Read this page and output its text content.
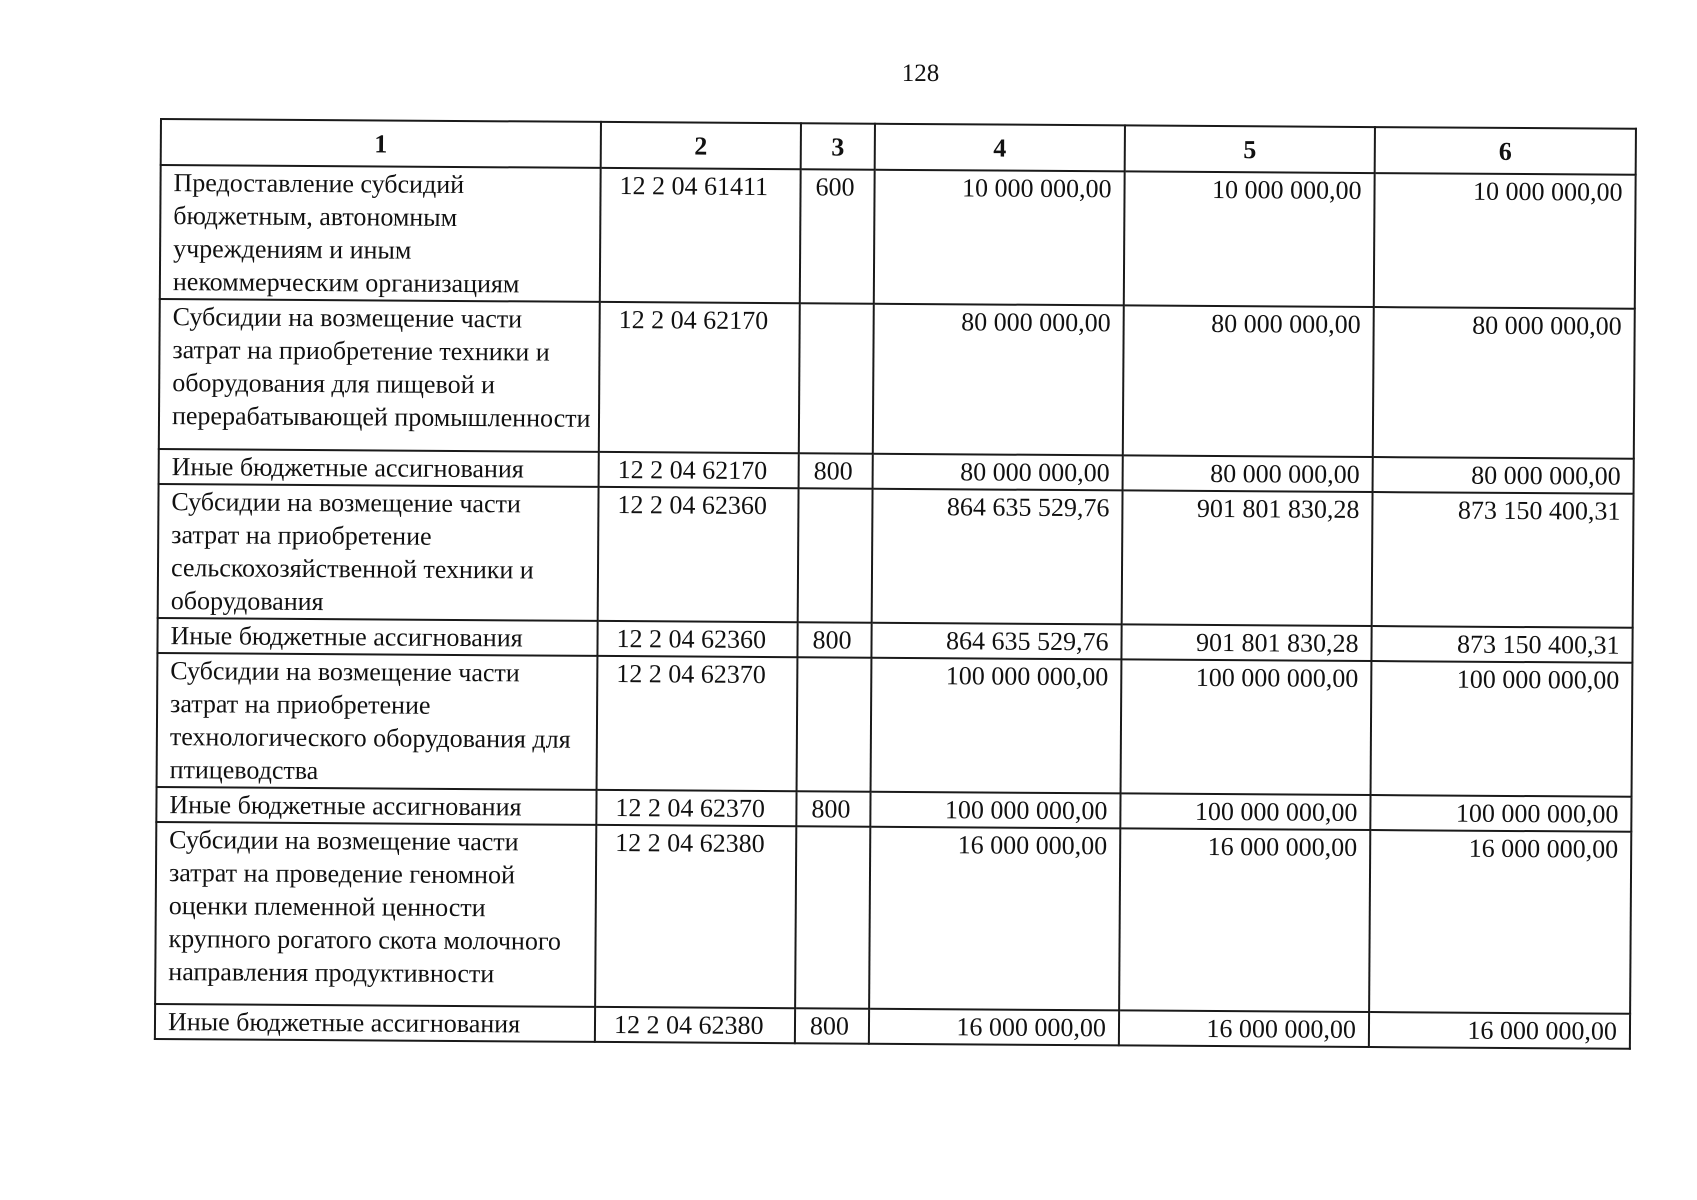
128
1	2	3	4	5	6
Предоставление субсидий бюджетным, автономным учреждениям и иным некоммерческим организациям	12 2 04 61411	600	10 000 000,00	10 000 000,00	10 000 000,00
Субсидии на возмещение части затрат на приобретение техники и оборудования для пищевой и перерабатывающей промышленности	12 2 04 62170		80 000 000,00	80 000 000,00	80 000 000,00
Иные бюджетные ассигнования	12 2 04 62170	800	80 000 000,00	80 000 000,00	80 000 000,00
Субсидии на возмещение части затрат на приобретение сельскохозяйственной техники и оборудования	12 2 04 62360		864 635 529,76	901 801 830,28	873 150 400,31
Иные бюджетные ассигнования	12 2 04 62360	800	864 635 529,76	901 801 830,28	873 150 400,31
Субсидии на возмещение части затрат на приобретение технологического оборудования для птицеводства	12 2 04 62370		100 000 000,00	100 000 000,00	100 000 000,00
Иные бюджетные ассигнования	12 2 04 62370	800	100 000 000,00	100 000 000,00	100 000 000,00
Субсидии на возмещение части затрат на проведение геномной оценки племенной ценности крупного рогатого скота молочного направления продуктивности	12 2 04 62380		16 000 000,00	16 000 000,00	16 000 000,00
Иные бюджетные ассигнования	12 2 04 62380	800	16 000 000,00	16 000 000,00	16 000 000,00
